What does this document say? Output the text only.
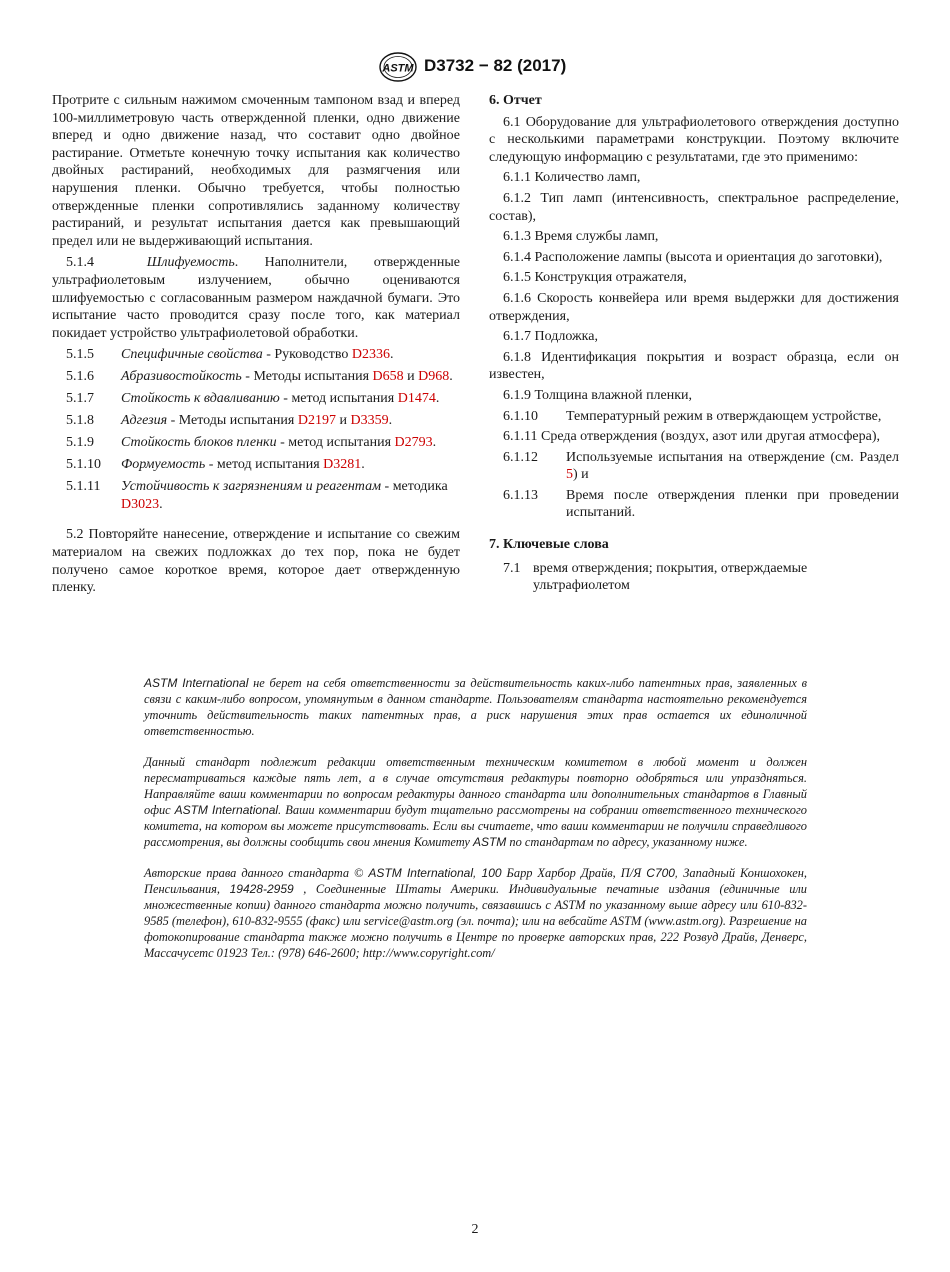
ASTM D3732 − 82 (2017)

Протрите с сильным нажимом смоченным тампоном взад и вперед 100-миллиметровую часть отвержденной пленки, одно движение вперед и одно движение назад, что составит одно двойное растирание. Отметьте конечную точку испытания как количество двойных растираний, необходимых для размягчения или нарушения пленки. Обычно требуется, чтобы полностью отвержденные пленки сопротивлялись заданному количеству растираний, и результат испытания дается как превышающий предел или не выдерживающий испытания.

5.1.4	Шлифуемость. Наполнители, отвержденные ультрафиолетовым излучением, обычно оцениваются шлифуемостью с согласованным размером наждачной бумаги. Это испытание часто проводится сразу после того, как материал покидает устройство ультрафиолетовой обработки.

5.1.5 Специфичные свойства - Руководство D2336.
5.1.6 Абразивостойкость - Методы испытания D658 и D968.
5.1.7 Стойкость к вдавливанию - метод испытания D1474.
5.1.8 Адгезия - Методы испытания D2197 и D3359.
5.1.9 Стойкость блоков пленки - метод испытания D2793.
5.1.10 Формуемость - метод испытания D3281.
5.1.11 Устойчивость к загрязнениям и реагентам - методика D3023.

5.2 Повторяйте нанесение, отверждение и испытание со свежим материалом на свежих подложках до тех пор, пока не будет получено самое короткое время, которое дает отвержденную пленку.

6. Отчет

6.1 Оборудование для ультрафиолетового отверждения доступно с несколькими параметрами конструкции. Поэтому включите следующую информацию с результатами, где это применимо:

6.1.1 Количество ламп,

6.1.2 Тип ламп (интенсивность, спектральное распределение, состав),

6.1.3 Время службы ламп,

6.1.4 Расположение лампы (высота и ориентация до заготовки),

6.1.5 Конструкция отражателя,

6.1.6 Скорость конвейера или время выдержки для достижения отверждения,

6.1.7 Подложка,

6.1.8 Идентификация покрытия и возраст образца, если он известен,

6.1.9 Толщина влажной пленки,

6.1.10 Температурный режим в отверждающем устройстве,

6.1.11 Среда отверждения (воздух, азот или другая атмосфера),

6.1.12 Используемые испытания на отверждение (см. Раздел 5) и
6.1.13 Время после отверждения пленки при проведении испытаний.

7. Ключевые слова

7.1 время отверждения; покрытия, отверждаемые ультрафиолетом

ASTM International не берет на себя ответственности за действительность каких-либо патентных прав, заявленных в связи с каким-либо вопросом, упомянутым в данном стандарте. Пользователям стандарта настоятельно рекомендуется уточнить действительность таких патентных прав, а риск нарушения этих прав остается их единоличной ответственностью.

Данный стандарт подлежит редакции ответственным техническим комитетом в любой момент и должен пересматриваться каждые пять лет, а в случае отсутствия редактуры повторно одобряться или упраздняться. Направляйте ваши комментарии по вопросам редактуры данного стандарта или дополнительных стандартов в Главный офис ASTM International. Ваши комментарии будут тщательно рассмотрены на собрании ответственного технического комитета, на котором вы можете присутствовать. Если вы считаете, что ваши комментарии не получили справедливого рассмотрения, вы должны сообщить свои мнения Комитету ASTM по стандартам по адресу, указанному ниже.

Авторские права данного стандарта © ASTM International, 100 Барр Харбор Драйв, П/Я C700, Западный Коншохокен, Пенсильвания, 19428-2959 , Соединенные Штаты Америки. Индивидуальные печатные издания (единичные или множественные копии) данного стандарта можно получить, связавшись с ASTM по указанному выше адресу или 610-832-9585 (телефон), 610-832-9555 (факс) или service@astm.org (эл. почта); или на вебсайте ASTM (www.astm.org). Разрешение на фотокопирование стандарта также можно получить в Центре по проверке авторских прав, 222 Розвуд Драйв, Денверс, Массачусетс 01923 Тел.: (978) 646-2600; http://www.copyright.com/

2
